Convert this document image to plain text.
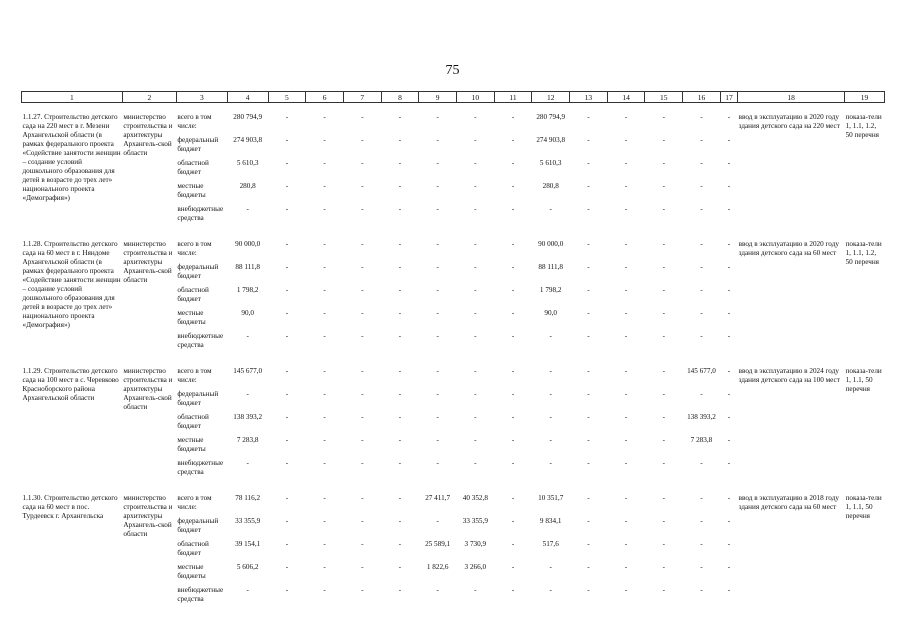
75
1	2	3	4	5	6	7	8	9	10	11	12	13	14	15	16	17	18	19

1.1.27. Строительство детского сада на 220 мест в г. Мезени Архангельской области (в рамках федерального проекта «Содействие занятости женщин – создание условий дошкольного образования для детей в возрасте до трех лет» национального проекта «Демография»)	министерство строительства и архитектуры Архангель-ской области	всего в том числе:	280 794,9	-	-	-	-	-	-	-	280 794,9	-	-	-	-	-	ввод в эксплуатацию в 2020 году здания детского сада на 220 мест	показа-тели 1, 1.1, 1.2, 50 перечня
		федеральный бюджет	274 903,8	-	-	-	-	-	-	-	274 903,8	-	-	-	-	-		
		областной бюджет	5 610,3	-	-	-	-	-	-	-	5 610,3	-	-	-	-	-		
		местные бюджеты	280,8	-	-	-	-	-	-	-	280,8	-	-	-	-	-		
		внебюджетные средства	-	-	-	-	-	-	-	-	-	-	-	-	-	-		

1.1.28. Строительство детского сада на 60 мест в г. Няндоме Архангельской области (в рамках федерального проекта «Содействие занятости женщин – создание условий дошкольного образования для детей в возрасте до трех лет» национального проекта «Демография»)	министерство строительства и архитектуры Архангель-ской области	всего в том числе:	90 000,0	-	-	-	-	-	-	-	90 000,0	-	-	-	-	-	ввод в эксплуатацию в 2020 году здания детского сада на 60 мест	показа-тели 1, 1.1, 1.2, 50 перечня
		федеральный бюджет	88 111,8	-	-	-	-	-	-	-	88 111,8	-	-	-	-	-		
		областной бюджет	1 798,2	-	-	-	-	-	-	-	1 798,2	-	-	-	-	-		
		местные бюджеты	90,0	-	-	-	-	-	-	-	90,0	-	-	-	-	-		
		внебюджетные средства	-	-	-	-	-	-	-	-	-	-	-	-	-	-		

1.1.29. Строительство детского сада на 100 мест в с. Черевково Красноборского района Архангельской области	министерство строительства и архитектуры Архангель-ской области	всего в том числе:	145 677,0	-	-	-	-	-	-	-	-	-	-	-	145 677,0	-	ввод в эксплуатацию в 2024 году здания детского сада на 100 мест	показа-тели 1, 1.1, 50 перечня
		федеральный бюджет	-	-	-	-	-	-	-	-	-	-	-	-	-	-		
		областной бюджет	138 393,2	-	-	-	-	-	-	-	-	-	-	-	138 393,2	-		
		местные бюджеты	7 283,8	-	-	-	-	-	-	-	-	-	-	-	7 283,8	-		
		внебюджетные средства	-	-	-	-	-	-	-	-	-	-	-	-	-	-		

1.1.30. Строительство детского сада на 60 мест в пос. Турдеевск г. Архангельска	министерство строительства и архитектуры Архангель-ской области	всего в том числе:	78 116,2	-	-	-	-	27 411,7	40 352,8	-	10 351,7	-	-	-	-	-	ввод в эксплуатацию в 2018 году здания детского сада на 60 мест	показа-тели 1, 1.1, 50 перечня
		федеральный бюджет	33 355,9	-	-	-	-	-	33 355,9	-	9 834,1	-	-	-	-	-		
		областной бюджет	39 154,1	-	-	-	-	25 589,1	3 730,9	-	517,6	-	-	-	-	-		
		местные бюджеты	5 606,2	-	-	-	-	1 822,6	3 266,0	-	-	-	-	-	-	-		
		внебюджетные средства	-	-	-	-	-	-	-	-	-	-	-	-	-	-		
